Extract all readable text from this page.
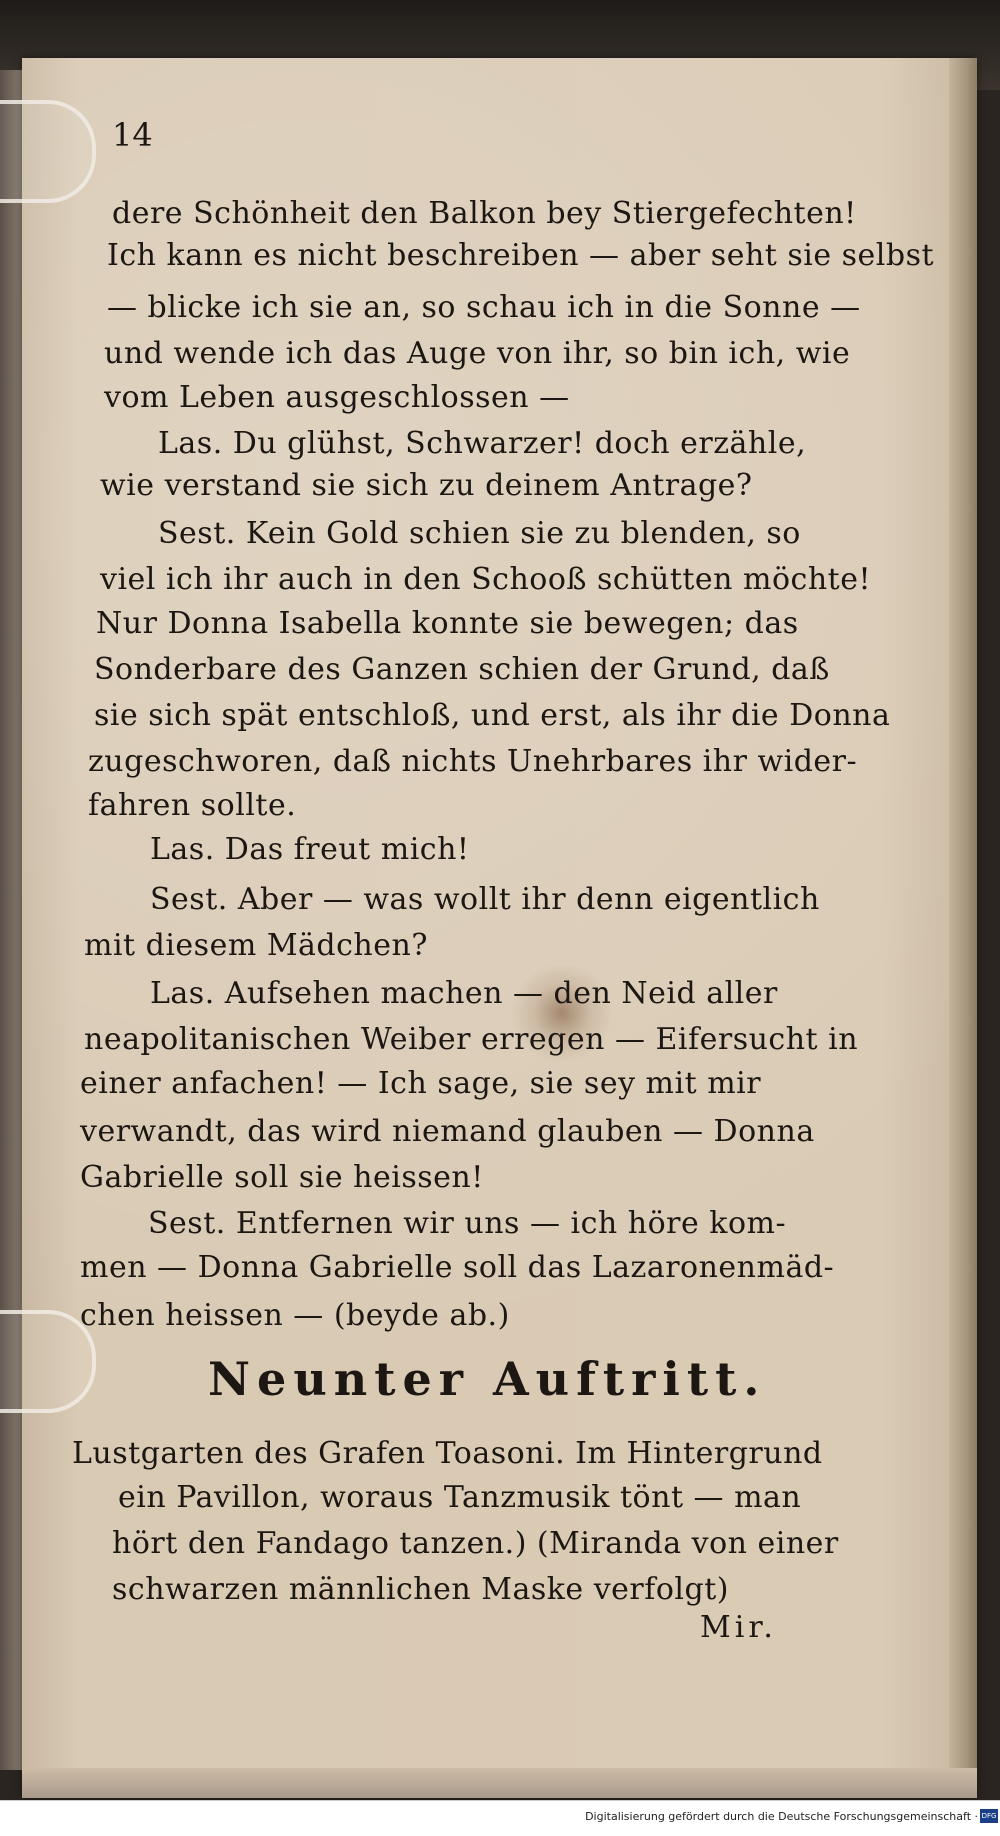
14
dere Schönheit den Balkon bey Stiergefechten!
Ich kann es nicht beschreiben — aber seht sie selbst
— blicke ich sie an, so schau ich in die Sonne —
und wende ich das Auge von ihr, so bin ich, wie
vom Leben ausgeschlossen —
Las. Du glühst, Schwarzer! doch erzähle,
wie verstand sie sich zu deinem Antrage?
Sest. Kein Gold schien sie zu blenden, so
viel ich ihr auch in den Schooß schütten möchte!
Nur Donna Isabella konnte sie bewegen; das
Sonderbare des Ganzen schien der Grund, daß
sie sich spät entschloß, und erst, als ihr die Donna
zugeschworen, daß nichts Unehrbares ihr wider-
fahren sollte.
Las. Das freut mich!
Sest. Aber — was wollt ihr denn eigentlich
mit diesem Mädchen?
Las. Aufsehen machen — den Neid aller
neapolitanischen Weiber erregen — Eifersucht in
einer anfachen! — Ich sage, sie sey mit mir
verwandt, das wird niemand glauben — Donna
Gabrielle soll sie heissen!
Sest. Entfernen wir uns — ich höre kom-
men — Donna Gabrielle soll das Lazaronenmäd-
chen heissen — (beyde ab.)
Neunter Auftritt.
Lustgarten des Grafen Toasoni. Im Hintergrund
ein Pavillon, woraus Tanzmusik tönt — man
hört den Fandago tanzen.) (Miranda von einer
schwarzen männlichen Maske verfolgt)
Mir.
Digitalisierung gefördert durch die Deutsche Forschungsgemeinschaft · DFG
